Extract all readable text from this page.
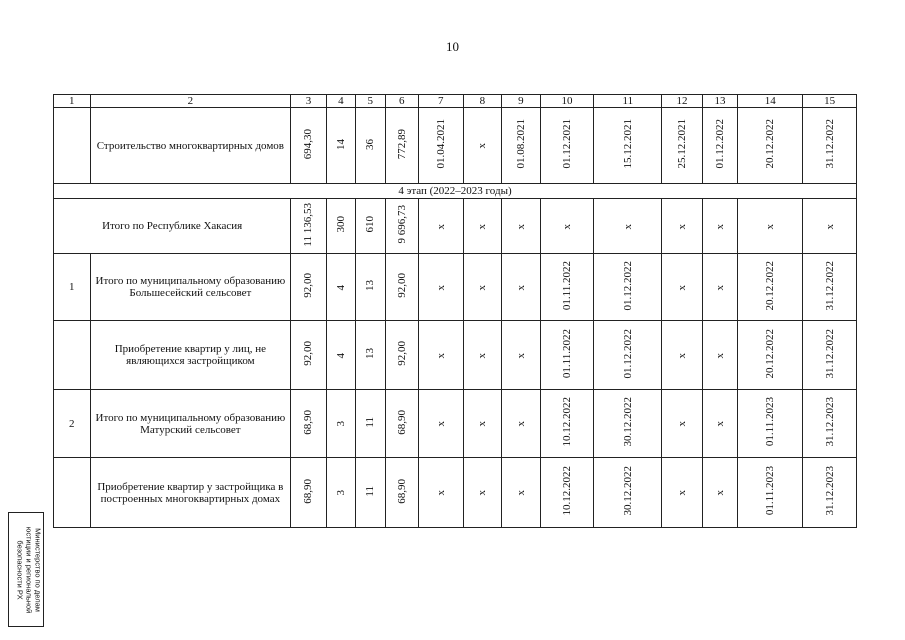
10
1	2	3	4	5	6	7	8	9	10	11	12	13	14	15
	Строительство многоквартирных домов	694,30	14	36	772,89	01.04.2021	x	01.08.2021	01.12.2021	15.12.2021	25.12.2021	01.12.2022	20.12.2022	31.12.2022
4 этап (2022–2023 годы)														
Итого по Республике Хакасия		11 136,53	300	610	9 696,73	x	x	x	x	x	x	x	x	x
1	Итого по муниципальному образованию Большесейский сельсовет	92,00	4	13	92,00	x	x	x	01.11.2022	01.12.2022	x	x	20.12.2022	31.12.2022
	Приобретение квартир у лиц, не являющихся застройщиком	92,00	4	13	92,00	x	x	x	01.11.2022	01.12.2022	x	x	20.12.2022	31.12.2022
2	Итого по муниципальному образованию Матурский сельсовет	68,90	3	11	68,90	x	x	x	10.12.2022	30.12.2022	x	x	01.11.2023	31.12.2023
	Приобретение квартир у застройщика в построенных многоквартирных домах	68,90	3	11	68,90	x	x	x	10.12.2022	30.12.2022	x	x	01.11.2023	31.12.2023
Министерство по делам
юстиции и региональной
безопасности РХ
